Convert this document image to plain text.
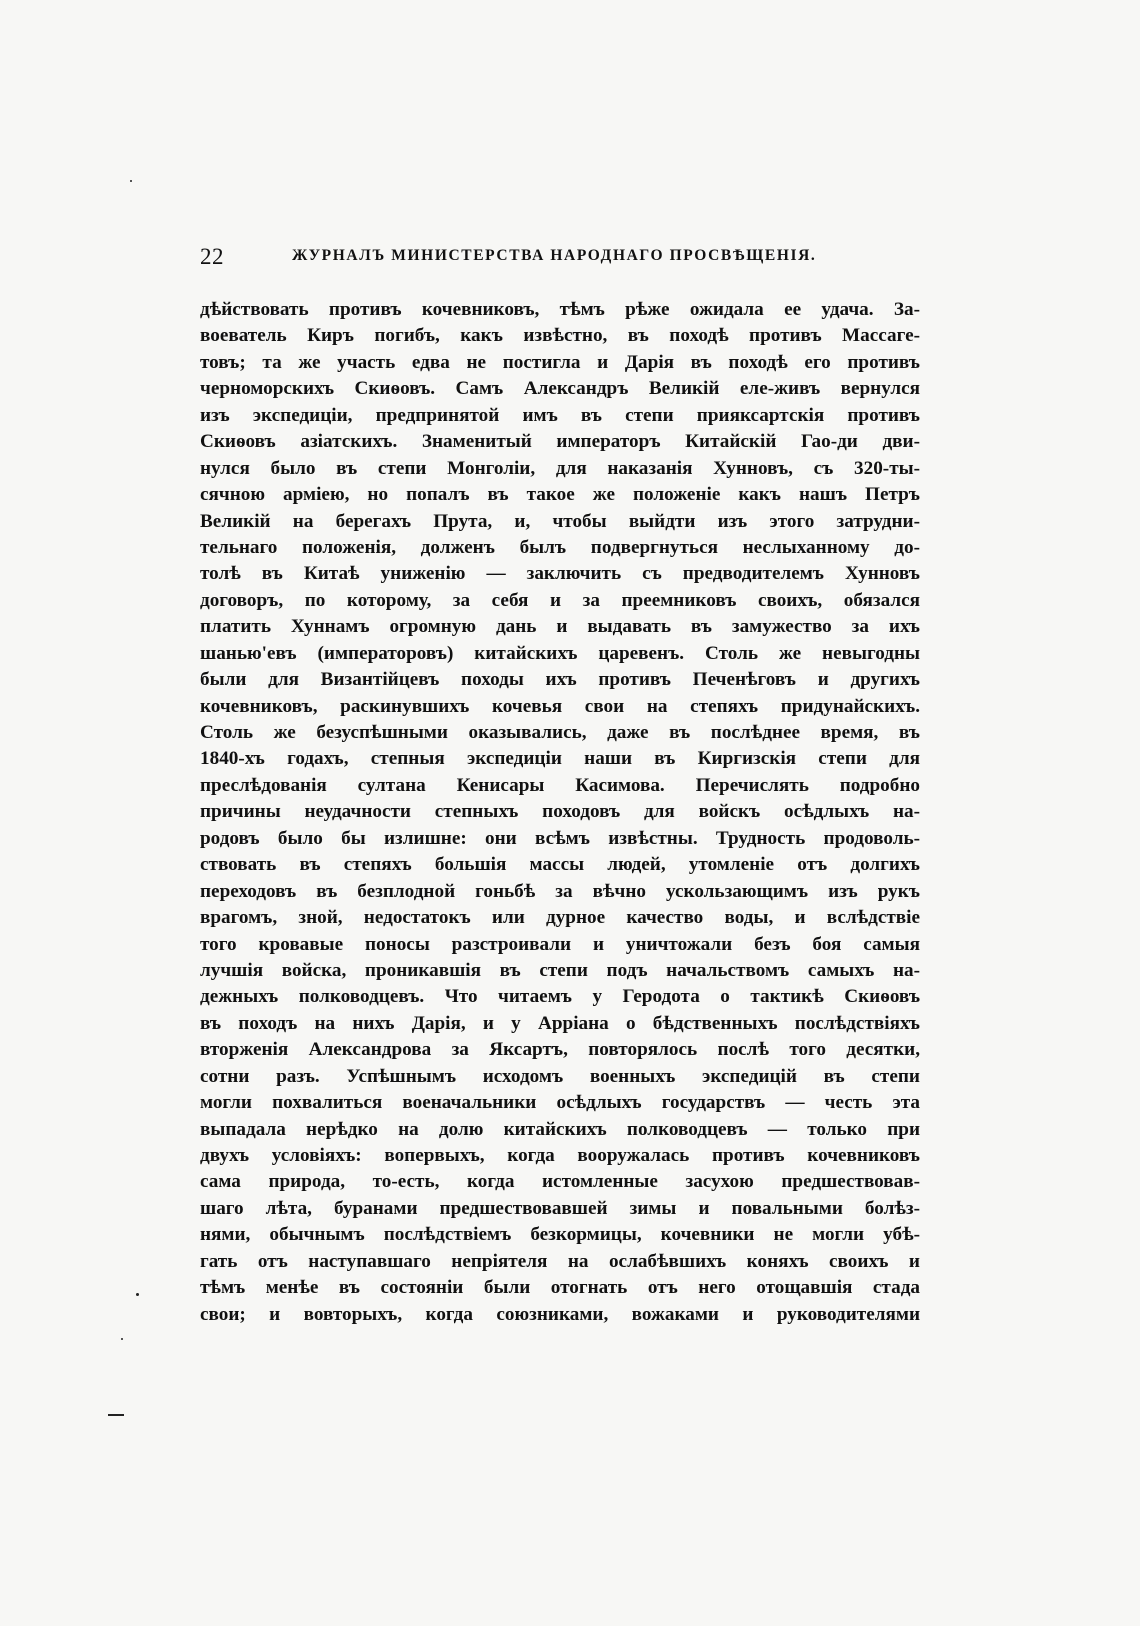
22	ЖУРНАЛЪ МИНИСТЕРСТВА НАРОДНАГО ПРОСВѢЩЕНІЯ.
дѣйствовать противъ кочевниковъ, тѣмъ рѣже ожидала ее удача. За-
воеватель Киръ погибъ, какъ извѣстно, въ походѣ противъ Массаге-
товъ; та же участь едва не постигла и Дарія въ походѣ его противъ
черноморскихъ Скиѳовъ. Самъ Александръ Великій еле-живъ вернулся
изъ экспедиціи, предпринятой имъ въ степи прияксартскія противъ
Скиѳовъ азіатскихъ. Знаменитый императоръ Китайскій Гао-ди дви-
нулся было въ степи Монголіи, для наказанія Хунновъ, съ 320-ты-
сячною арміею, но попалъ въ такое же положеніе какъ нашъ Петръ
Великій на берегахъ Прута, и, чтобы выйдти изъ этого затрудни-
тельнаго положенія, долженъ былъ подвергнуться неслыханному до-
толѣ въ Китаѣ униженію — заключить съ предводителемъ Хунновъ
договоръ, по которому, за себя и за преемниковъ своихъ, обязался
платить Хуннамъ огромную дань и выдавать въ замужество за ихъ
шанью'евъ (императоровъ) китайскихъ царевенъ. Столь же невыгодны
были для Византійцевъ походы ихъ противъ Печенѣговъ и другихъ
кочевниковъ, раскинувшихъ кочевья свои на степяхъ придунайскихъ.
Столь же безуспѣшными оказывались, даже въ послѣднее время, въ
1840-хъ годахъ, степныя экспедиціи наши въ Киргизскія степи для
преслѣдованія султана Кенисары Касимова. Перечислять подробно
причины неудачности степныхъ походовъ для войскъ осѣдлыхъ на-
родовъ было бы излишне: они всѣмъ извѣстны. Трудность продоволь-
ствовать въ степяхъ большія массы людей, утомленіе отъ долгихъ
переходовъ въ безплодной гоньбѣ за вѣчно ускользающимъ изъ рукъ
врагомъ, зной, недостатокъ или дурное качество воды, и вслѣдствіе
того кровавые поносы разстроивали и уничтожали безъ боя самыя
лучшія войска, проникавшія въ степи подъ начальствомъ самыхъ на-
дежныхъ полководцевъ. Что читаемъ у Геродота о тактикѣ Скиѳовъ
въ походъ на нихъ Дарія, и у Арріана о бѣдственныхъ послѣдствіяхъ
вторженія Александрова за Яксартъ, повторялось послѣ того десятки,
сотни разъ. Успѣшнымъ исходомъ военныхъ экспедицій въ степи
могли похвалиться военачальники осѣдлыхъ государствъ — честь эта
выпадала нерѣдко на долю китайскихъ полководцевъ — только при
двухъ условіяхъ: вопервыхъ, когда вооружалась противъ кочевниковъ
сама природа, то-есть, когда истомленные засухою предшествовав-
шаго лѣта, буранами предшествовавшей зимы и повальными болѣз-
нями, обычнымъ послѣдствіемъ безкормицы, кочевники не могли убѣ-
гать отъ наступавшаго непріятеля на ослабѣвшихъ коняхъ своихъ и
тѣмъ менѣе въ состояніи были отогнать отъ него отощавшія стада
свои; и вовторыхъ, когда союзниками, вожаками и руководителями
